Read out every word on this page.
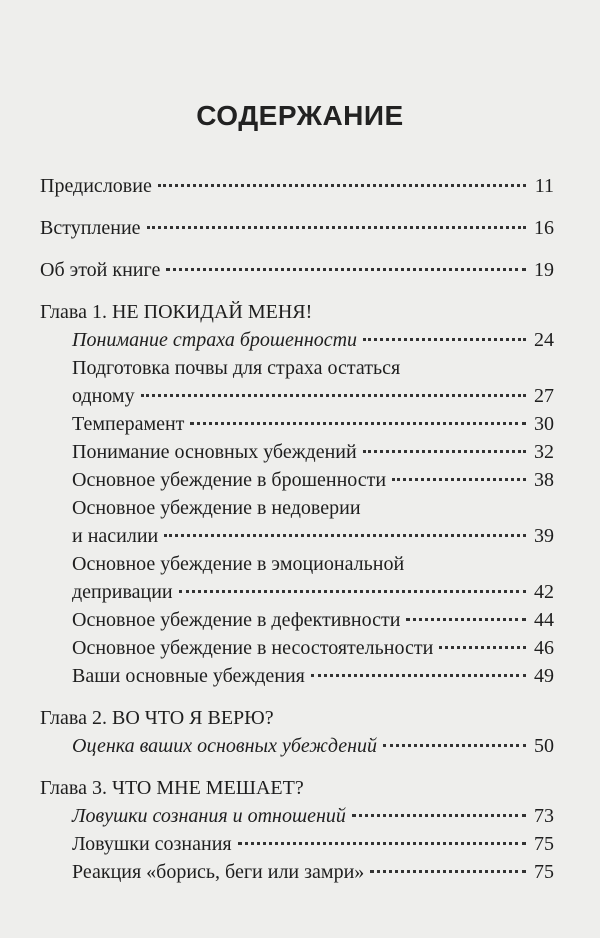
СОДЕРЖАНИЕ
Предисловие	11
Вступление	16
Об этой книге	19
Глава 1. НЕ ПОКИДАЙ МЕНЯ!
Понимание страха брошенности	24
Подготовка почвы для страха остаться
одному	27
Темперамент	30
Понимание основных убеждений	32
Основное убеждение в брошенности	38
Основное убеждение в недоверии
и насилии	39
Основное убеждение в эмоциональной
депривации	42
Основное убеждение в дефективности	44
Основное убеждение в несостоятельности	46
Ваши основные убеждения	49
Глава 2. ВО ЧТО Я ВЕРЮ?
Оценка ваших основных убеждений	50
Глава 3. ЧТО МНЕ МЕШАЕТ?
Ловушки сознания и отношений	73
Ловушки сознания	75
Реакция «борись, беги или замри»	75
